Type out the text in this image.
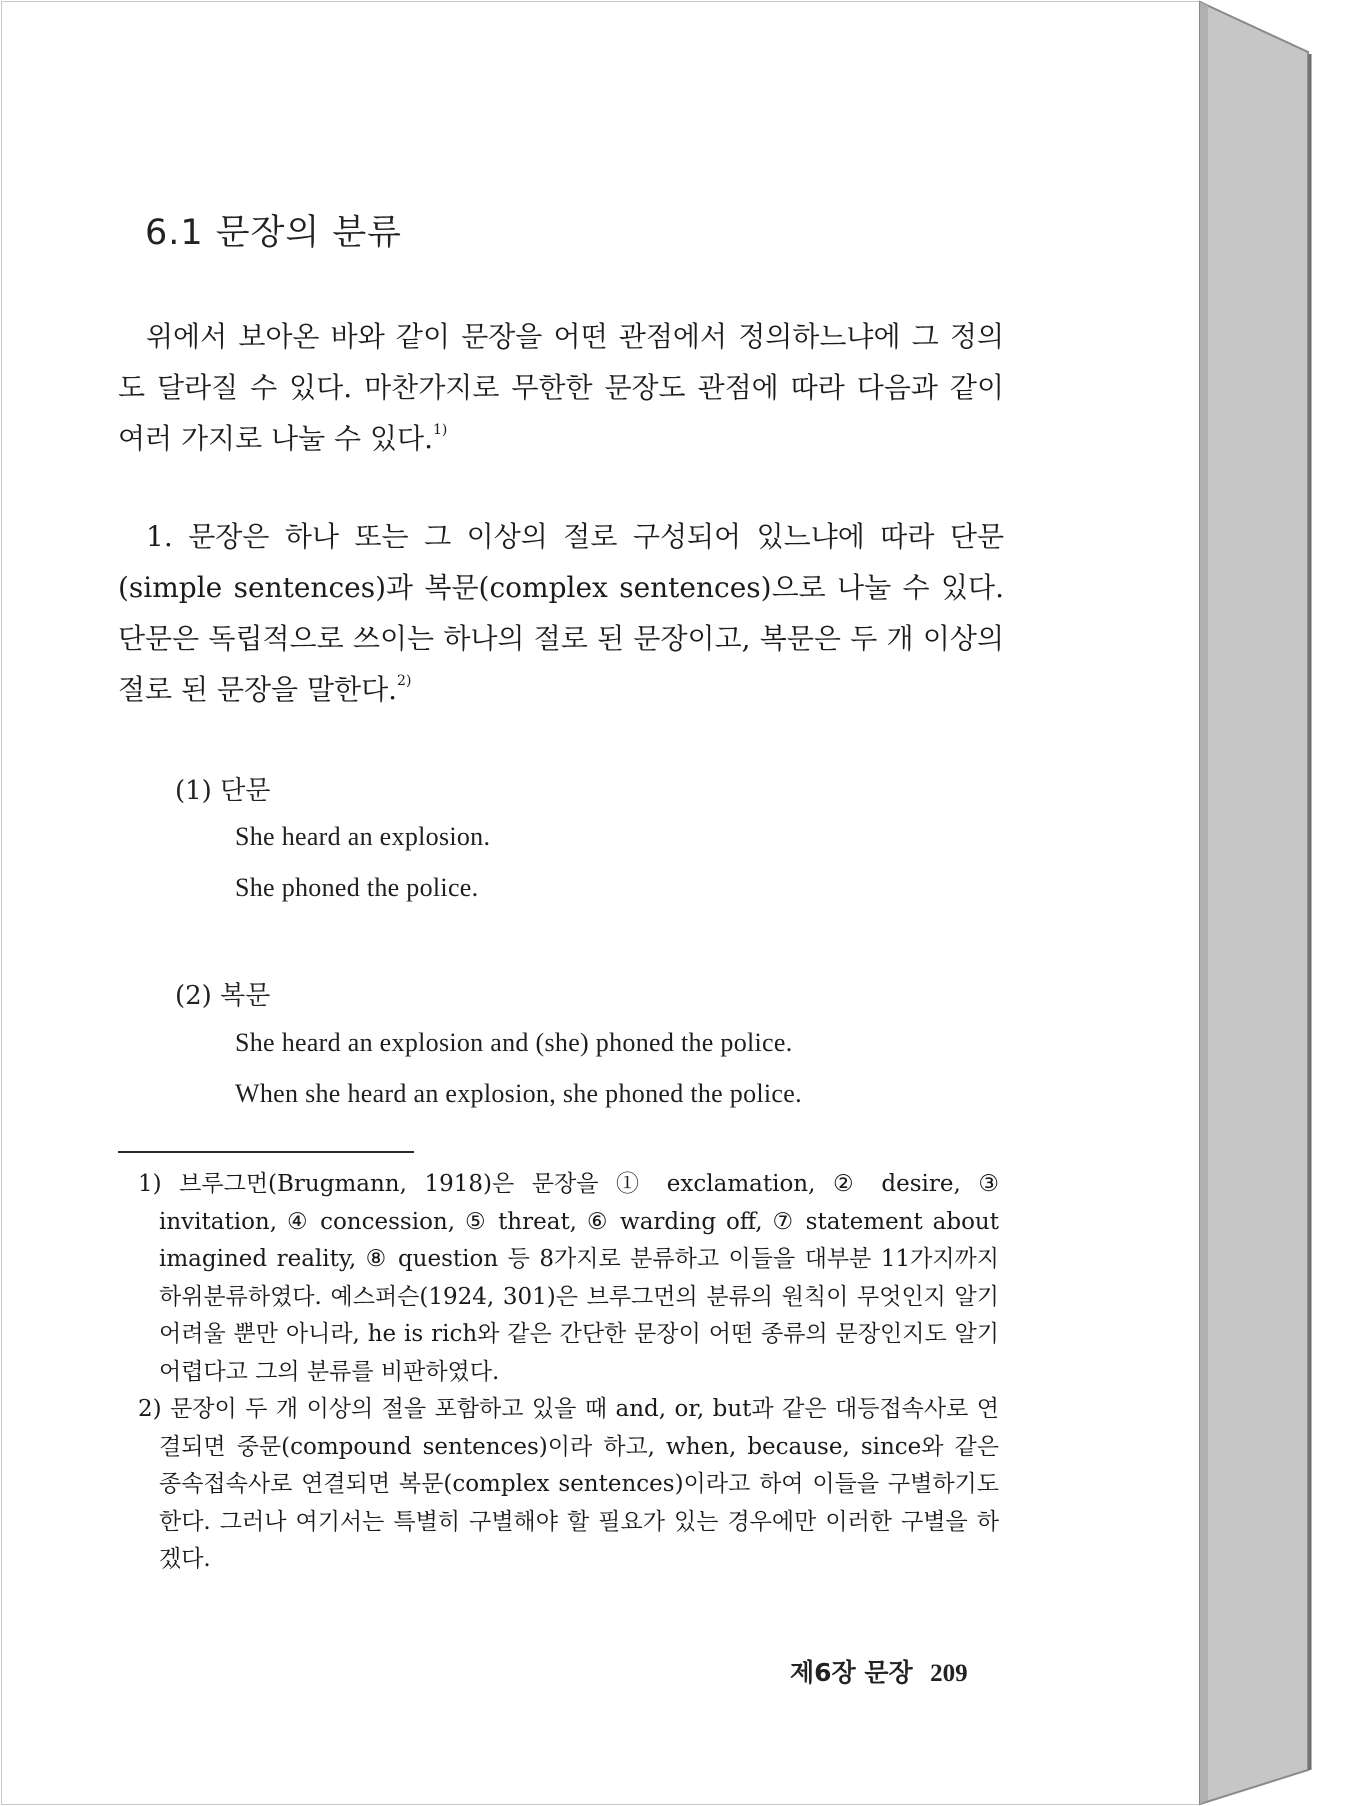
6.1 문장의 분류

위에서 보아온 바와 같이 문장을 어떤 관점에서 정의하느냐에 그 정의도 달라질 수 있다. 마찬가지로 무한한 문장도 관점에 따라 다음과 같이 여러 가지로 나눌 수 있다.$^{1)}$

1. 문장은 하나 또는 그 이상의 절로 구성되어 있느냐에 따라 단문(simple sentences)과 복문(complex sentences)으로 나눌 수 있다. 단문은 독립적으로 쓰이는 하나의 절로 된 문장이고, 복문은 두 개 이상의 절로 된 문장을 말한다.$^{2)}$

(1) 단문

She heard an explosion.

She phoned the police.

(2) 복문

She heard an explosion and (she) phoned the police.

When she heard an explosion, she phoned the police.

1) 브루그먼(Brugmann, 1918)은 문장을 ① exclamation, ② desire, ③ invitation, ④ concession, ⑤ threat, ⑥ warding off, ⑦ statement about imagined reality, ⑧ question 등 8가지로 분류하고 이들을 대부분 11가지까지 하위분류하였다. 예스퍼슨(1924, 301)은 브루그먼의 분류의 원칙이 무엇인지 알기 어려울 뿐만 아니라, he is rich와 같은 간단한 문장이 어떤 종류의 문장인지도 알기 어렵다고 그의 분류를 비판하였다.

2) 문장이 두 개 이상의 절을 포함하고 있을 때 and, or, but과 같은 대등접속사로 연결되면 중문(compound sentences)이라 하고, when, because, since와 같은 종속접속사로 연결되면 복문(complex sentences)이라고 하여 이들을 구별하기도 한다. 그러나 여기서는 특별히 구별해야 할 필요가 있는 경우에만 이러한 구별을 하겠다.

제6장 문장 209
